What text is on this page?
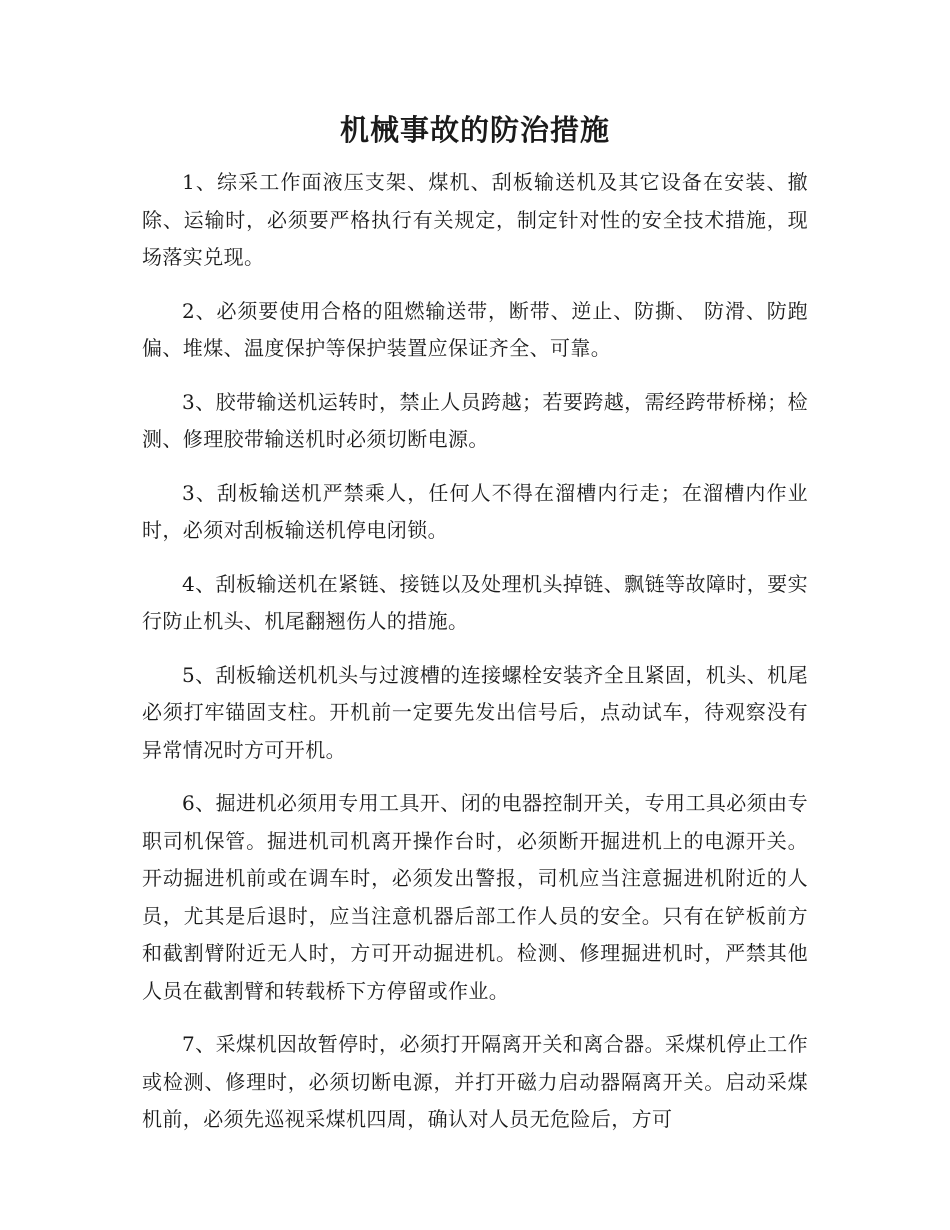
机械事故的防治措施

1、综采工作面液压支架、煤机、刮板输送机及其它设备在安装、撤除、运输时，必须要严格执行有关规定，制定针对性的安全技术措施，现场落实兑现。

2、必须要使用合格的阻燃输送带，断带、逆止、防撕、 防滑、防跑偏、堆煤、温度保护等保护装置应保证齐全、可靠。

3、胶带输送机运转时，禁止人员跨越；若要跨越，需经跨带桥梯；检测、修理胶带输送机时必须切断电源。

3、刮板输送机严禁乘人，任何人不得在溜槽内行走；在溜槽内作业时，必须对刮板输送机停电闭锁。

4、刮板输送机在紧链、接链以及处理机头掉链、飘链等故障时，要实行防止机头、机尾翻翘伤人的措施。

5、刮板输送机机头与过渡槽的连接螺栓安装齐全且紧固，机头、机尾必须打牢锚固支柱。开机前一定要先发出信号后，点动试车，待观察没有异常情况时方可开机。

6、掘进机必须用专用工具开、闭的电器控制开关，专用工具必须由专职司机保管。掘进机司机离开操作台时，必须断开掘进机上的电源开关。开动掘进机前或在调车时，必须发出警报，司机应当注意掘进机附近的人员，尤其是后退时，应当注意机器后部工作人员的安全。只有在铲板前方和截割臂附近无人时，方可开动掘进机。检测、修理掘进机时，严禁其他人员在截割臂和转载桥下方停留或作业。

7、采煤机因故暂停时，必须打开隔离开关和离合器。采煤机停止工作或检测、修理时，必须切断电源，并打开磁力启动器隔离开关。启动采煤机前，必须先巡视采煤机四周，确认对人员无危险后，方可
